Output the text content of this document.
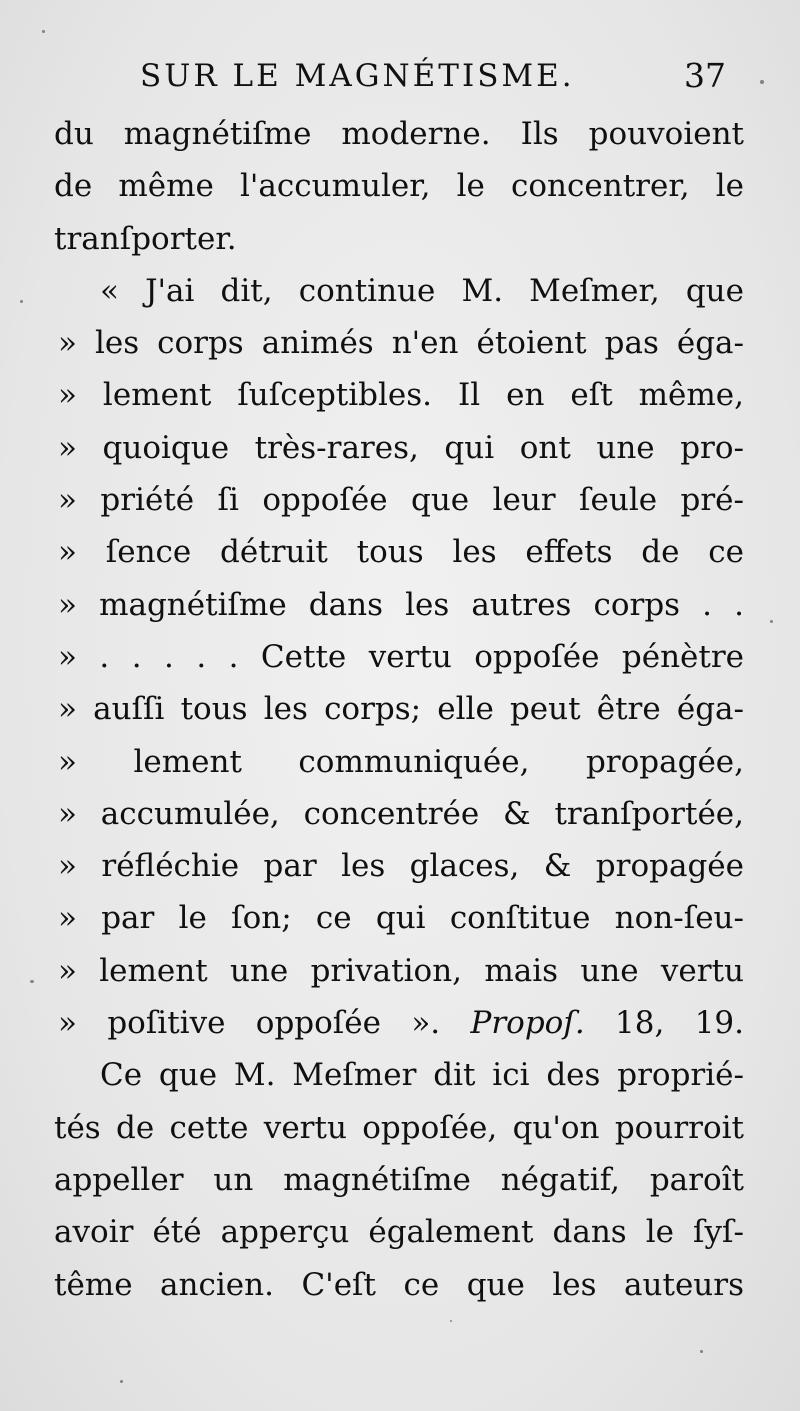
SUR LE MAGNÉTISME.	37
du magnétiſme moderne. Ils pouvoient
de même l'accumuler, le concentrer, le
tranſporter.
« J'ai dit, continue M. Meſmer, que
» les corps animés n'en étoient pas éga-
» lement ſuſceptibles. Il en eſt même,
» quoique très-rares, qui ont une pro-
» priété ſi oppoſée que leur ſeule pré-
» ſence détruit tous les effets de ce
» magnétiſme dans les autres corps . .
» . . . . . Cette vertu oppoſée pénètre
» auſſi tous les corps; elle peut être éga-
» lement communiquée, propagée,
» accumulée, concentrée & tranſportée,
» réfléchie par les glaces, & propagée
» par le ſon; ce qui conſtitue non-ſeu-
» lement une privation, mais une vertu
» poſitive oppoſée ». Propoſ. 18, 19.
Ce que M. Meſmer dit ici des proprié-
tés de cette vertu oppoſée, qu'on pourroit
appeller un magnétiſme négatif, paroît
avoir été apperçu également dans le ſyſ-
tême ancien. C'eſt ce que les auteurs
